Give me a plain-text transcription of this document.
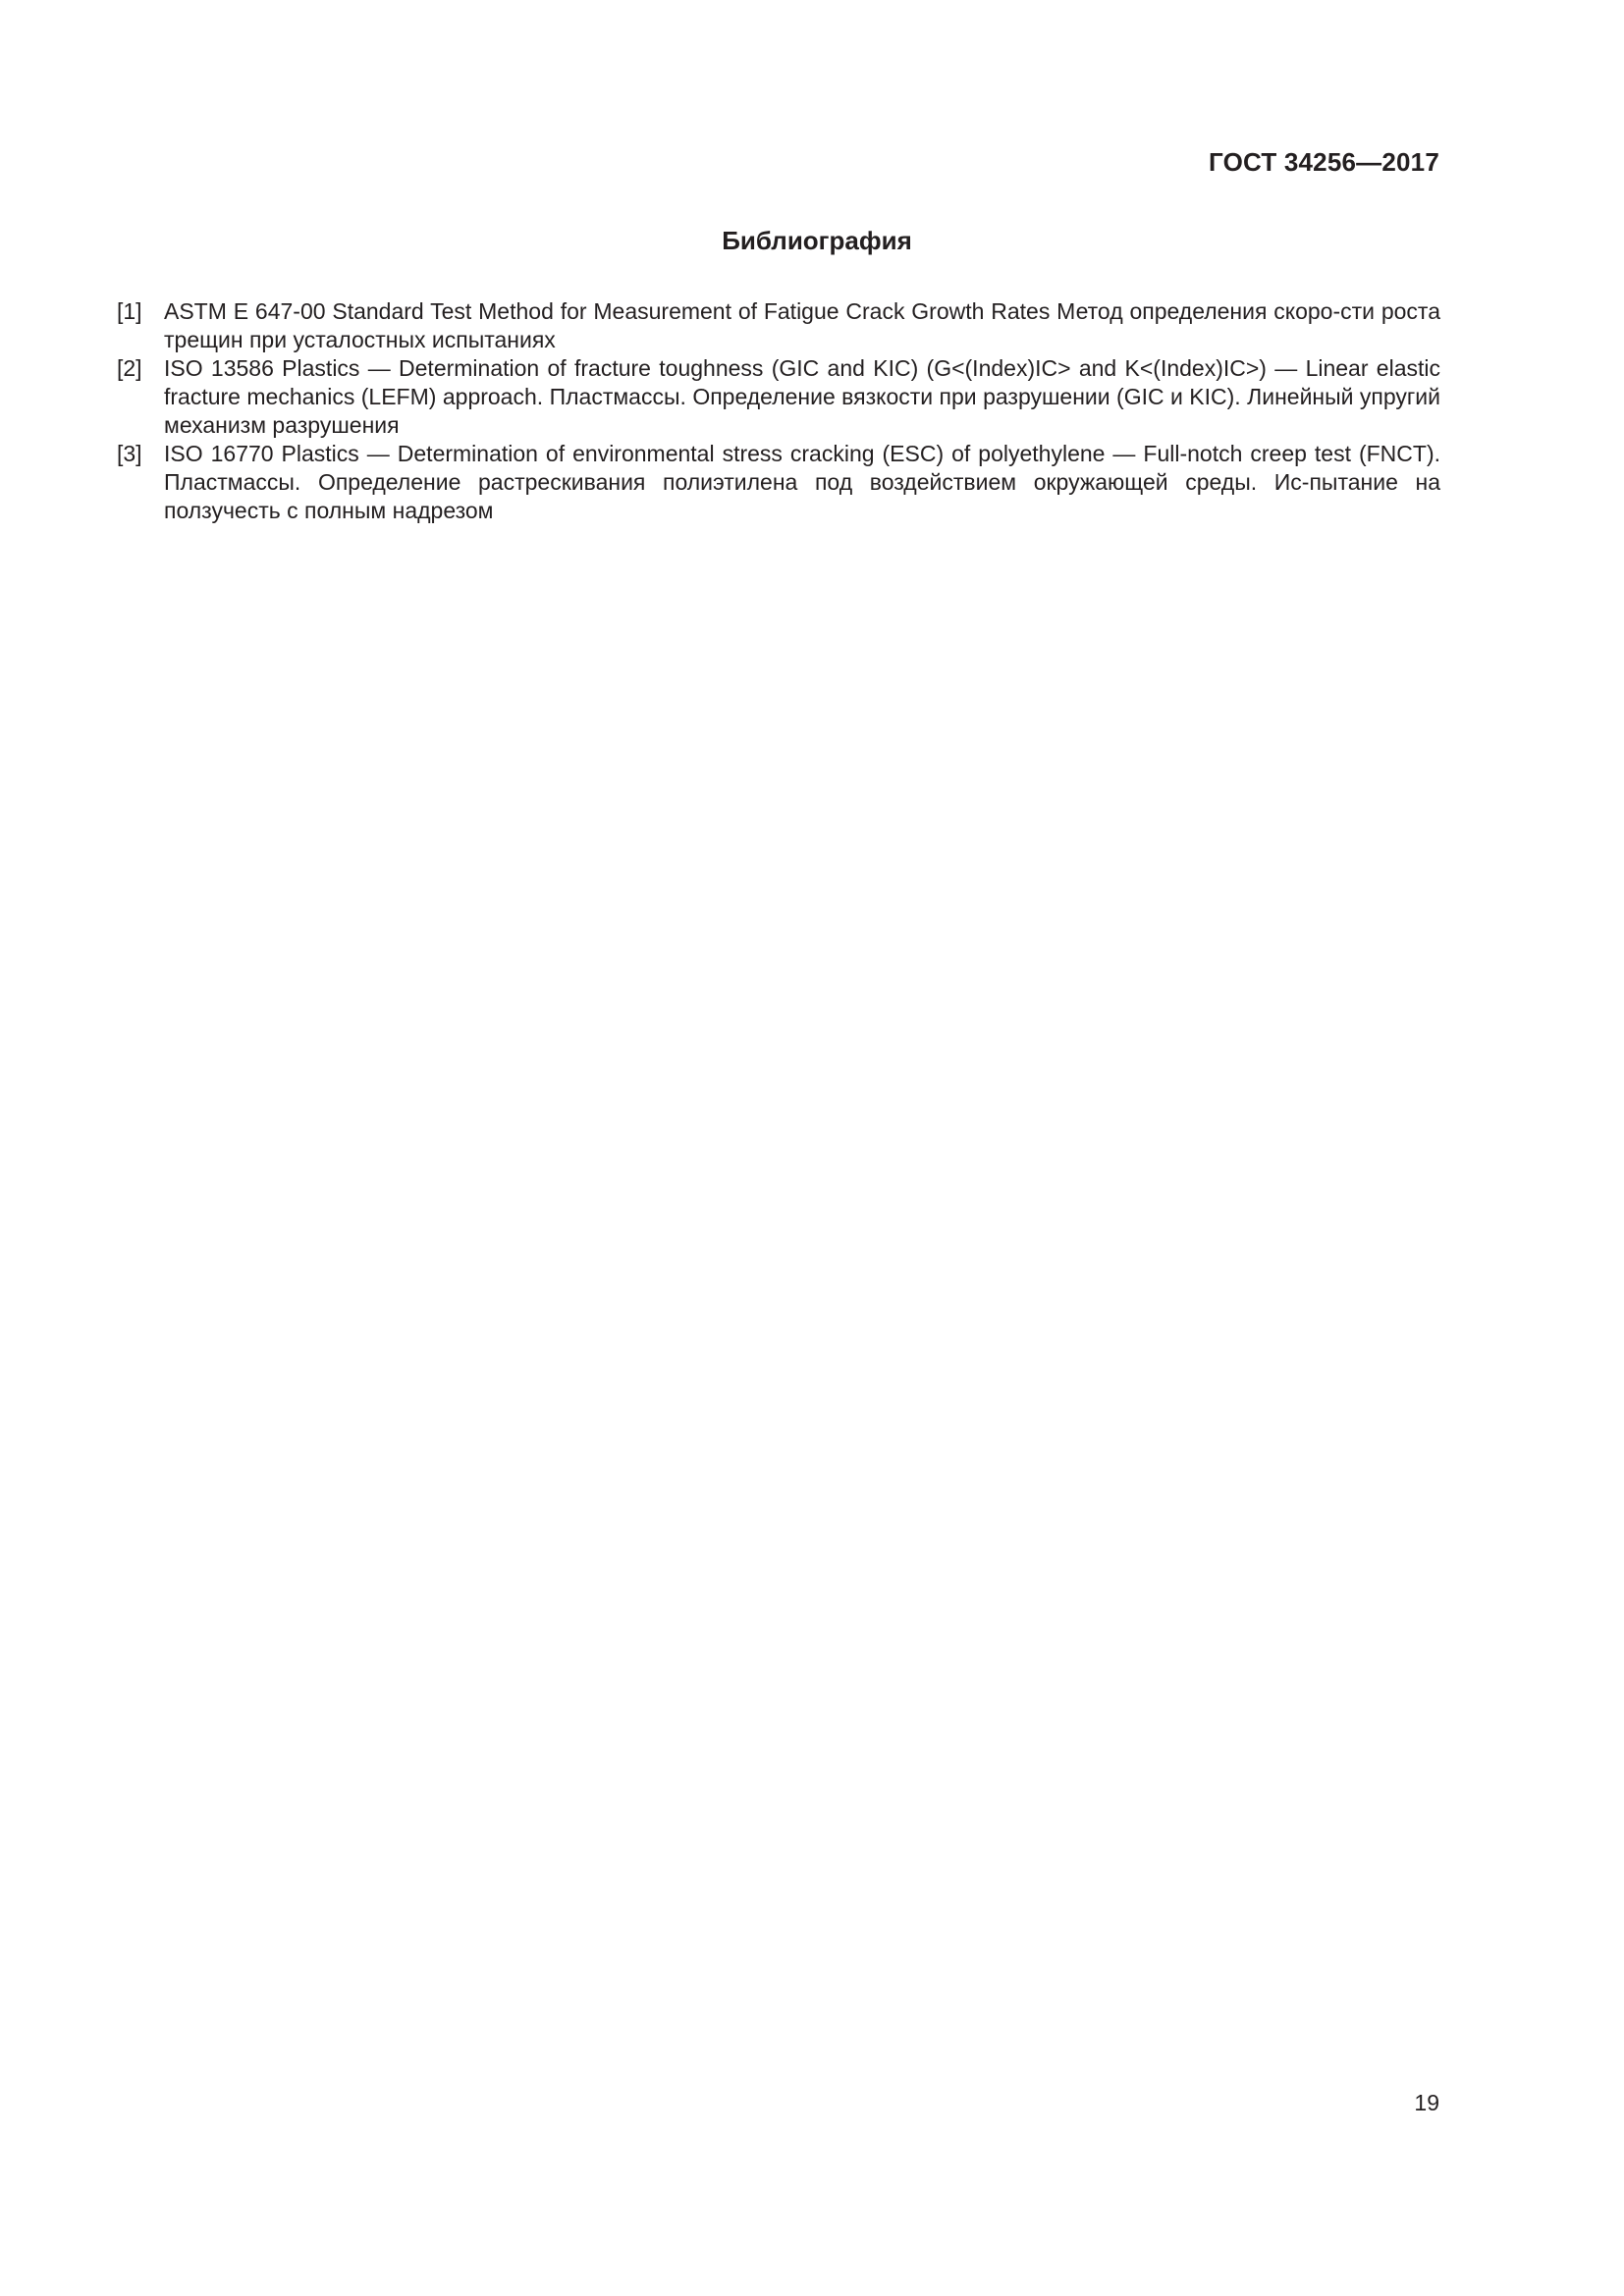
ГОСТ 34256—2017
Библиография
[1] ASTM E 647-00 Standard Test Method for Measurement of Fatigue Crack Growth Rates Метод определения скоро-сти роста трещин при усталостных испытаниях
[2] ISO 13586 Plastics — Determination of fracture toughness (GIC and KIC) (G<(Index)IC> and K<(Index)IC>) — Linear elastic fracture mechanics (LEFM) approach. Пластмассы. Определение вязкости при разрушении (GIC и KIC). Линейный упругий механизм разрушения
[3] ISO 16770 Plastics — Determination of environmental stress cracking (ESC) of polyethylene — Full-notch creep test (FNCT). Пластмассы. Определение растрескивания полиэтилена под воздействием окружающей среды. Ис-пытание на ползучесть с полным надрезом
19
